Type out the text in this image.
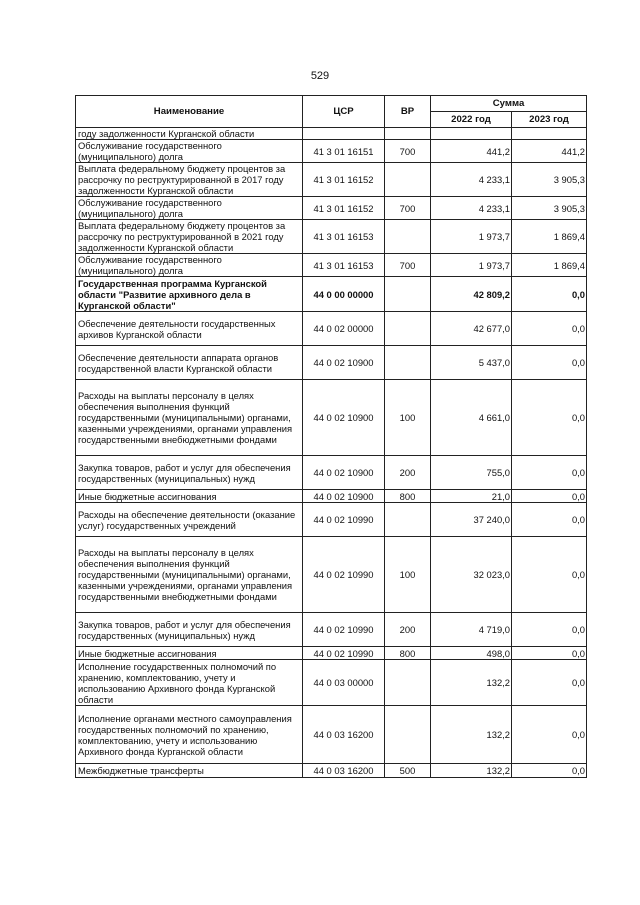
529
Наименование	ЦСР	ВР	Сумма	
			2022 год	2023 год
году задолженности Курганской области				
Обслуживание государственного (муниципального) долга	41 3 01 16151	700	441,2	441,2
Выплата федеральному бюджету процентов за рассрочку по реструктурированной в 2017 году задолженности Курганской области	41 3 01 16152		4 233,1	3 905,3
Обслуживание государственного (муниципального) долга	41 3 01 16152	700	4 233,1	3 905,3
Выплата федеральному бюджету процентов за рассрочку по реструктурированной в 2021 году задолженности Курганской области	41 3 01 16153		1 973,7	1 869,4
Обслуживание государственного (муниципального) долга	41 3 01 16153	700	1 973,7	1 869,4
Государственная программа Курганской области "Развитие архивного дела в Курганской области"	44 0 00 00000		42 809,2	0,0
Обеспечение деятельности государственных архивов Курганской области	44 0 02 00000		42 677,0	0,0
Обеспечение деятельности аппарата органов государственной власти Курганской области	44 0 02 10900		5 437,0	0,0
Расходы на выплаты персоналу в целях обеспечения выполнения функций государственными (муниципальными) органами, казенными учреждениями, органами управления государственными внебюджетными фондами	44 0 02 10900	100	4 661,0	0,0
Закупка товаров, работ и услуг для обеспечения государственных (муниципальных) нужд	44 0 02 10900	200	755,0	0,0
Иные бюджетные ассигнования	44 0 02 10900	800	21,0	0,0
Расходы на обеспечение деятельности (оказание услуг) государственных учреждений	44 0 02 10990		37 240,0	0,0
Расходы на выплаты персоналу в целях обеспечения выполнения функций государственными (муниципальными) органами, казенными учреждениями, органами управления государственными внебюджетными фондами	44 0 02 10990	100	32 023,0	0,0
Закупка товаров, работ и услуг для обеспечения государственных (муниципальных) нужд	44 0 02 10990	200	4 719,0	0,0
Иные бюджетные ассигнования	44 0 02 10990	800	498,0	0,0
Исполнение государственных полномочий по хранению, комплектованию, учету и использованию Архивного фонда Курганской области	44 0 03 00000		132,2	0,0
Исполнение органами местного самоуправления государственных полномочий по хранению, комплектованию, учету и использованию Архивного фонда Курганской области	44 0 03 16200		132,2	0,0
Межбюджетные трансферты	44 0 03 16200	500	132,2	0,0
